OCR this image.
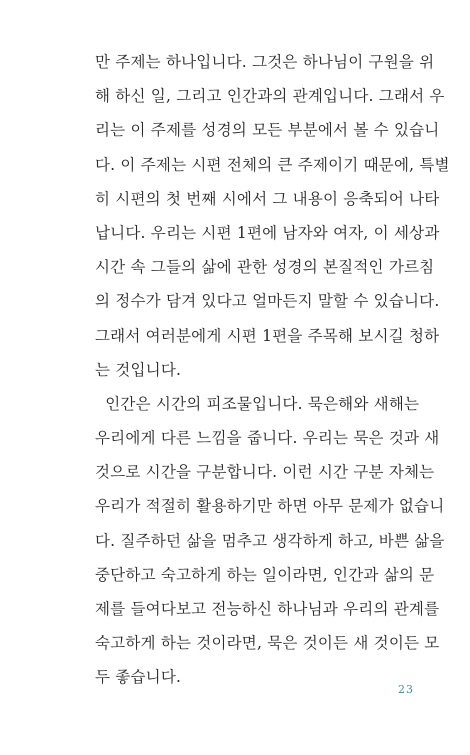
만 주제는 하나입니다. 그것은 하나님이 구원을 위
해 하신 일, 그리고 인간과의 관계입니다. 그래서 우
리는 이 주제를 성경의 모든 부분에서 볼 수 있습니
다. 이 주제는 시편 전체의 큰 주제이기 때문에, 특별
히 시편의 첫 번째 시에서 그 내용이 응축되어 나타
납니다. 우리는 시편 1편에 남자와 여자, 이 세상과
시간 속 그들의 삶에 관한 성경의 본질적인 가르침
의 정수가 담겨 있다고 얼마든지 말할 수 있습니다.
그래서 여러분에게 시편 1편을 주목해 보시길 청하
는 것입니다.
인간은 시간의 피조물입니다. 묵은해와 새해는
우리에게 다른 느낌을 줍니다. 우리는 묵은 것과 새
것으로 시간을 구분합니다. 이런 시간 구분 자체는
우리가 적절히 활용하기만 하면 아무 문제가 없습니
다. 질주하던 삶을 멈추고 생각하게 하고, 바쁜 삶을
중단하고 숙고하게 하는 일이라면, 인간과 삶의 문
제를 들여다보고 전능하신 하나님과 우리의 관계를
숙고하게 하는 것이라면, 묵은 것이든 새 것이든 모
두 좋습니다.
23
